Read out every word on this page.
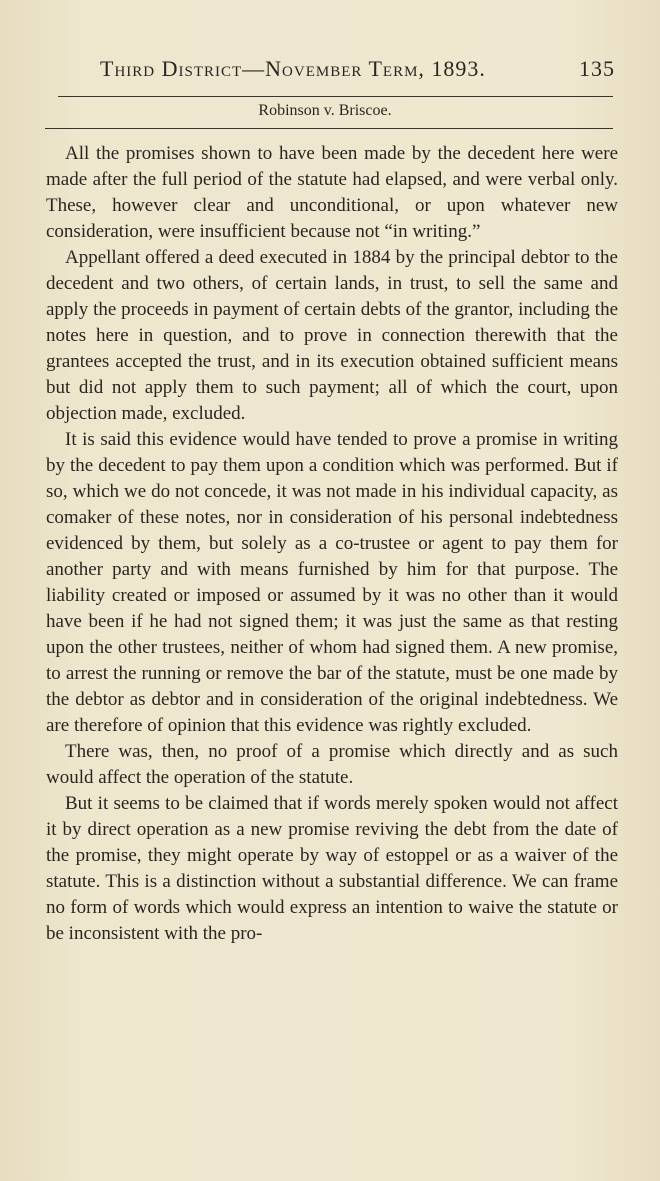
Third District—November Term, 1893.	135
Robinson v. Briscoe.

All the promises shown to have been made by the decedent here were made after the full period of the statute had elapsed, and were verbal only. These, however clear and unconditional, or upon whatever new consideration, were insufficient because not “in writing.”

Appellant offered a deed executed in 1884 by the principal debtor to the decedent and two others, of certain lands, in trust, to sell the same and apply the proceeds in payment of certain debts of the grantor, including the notes here in question, and to prove in connection therewith that the grantees accepted the trust, and in its execution obtained sufficient means but did not apply them to such payment; all of which the court, upon objection made, excluded.

It is said this evidence would have tended to prove a promise in writing by the decedent to pay them upon a condition which was performed. But if so, which we do not concede, it was not made in his individual capacity, as comaker of these notes, nor in consideration of his personal indebtedness evidenced by them, but solely as a co-trustee or agent to pay them for another party and with means furnished by him for that purpose. The liability created or imposed or assumed by it was no other than it would have been if he had not signed them; it was just the same as that resting upon the other trustees, neither of whom had signed them. A new promise, to arrest the running or remove the bar of the statute, must be one made by the debtor as debtor and in consideration of the original indebtedness. We are therefore of opinion that this evidence was rightly excluded.

There was, then, no proof of a promise which directly and as such would affect the operation of the statute.

But it seems to be claimed that if words merely spoken would not affect it by direct operation as a new promise reviving the debt from the date of the promise, they might operate by way of estoppel or as a waiver of the statute. This is a distinction without a substantial difference. We can frame no form of words which would express an intention to waive the statute or be inconsistent with the pro-
